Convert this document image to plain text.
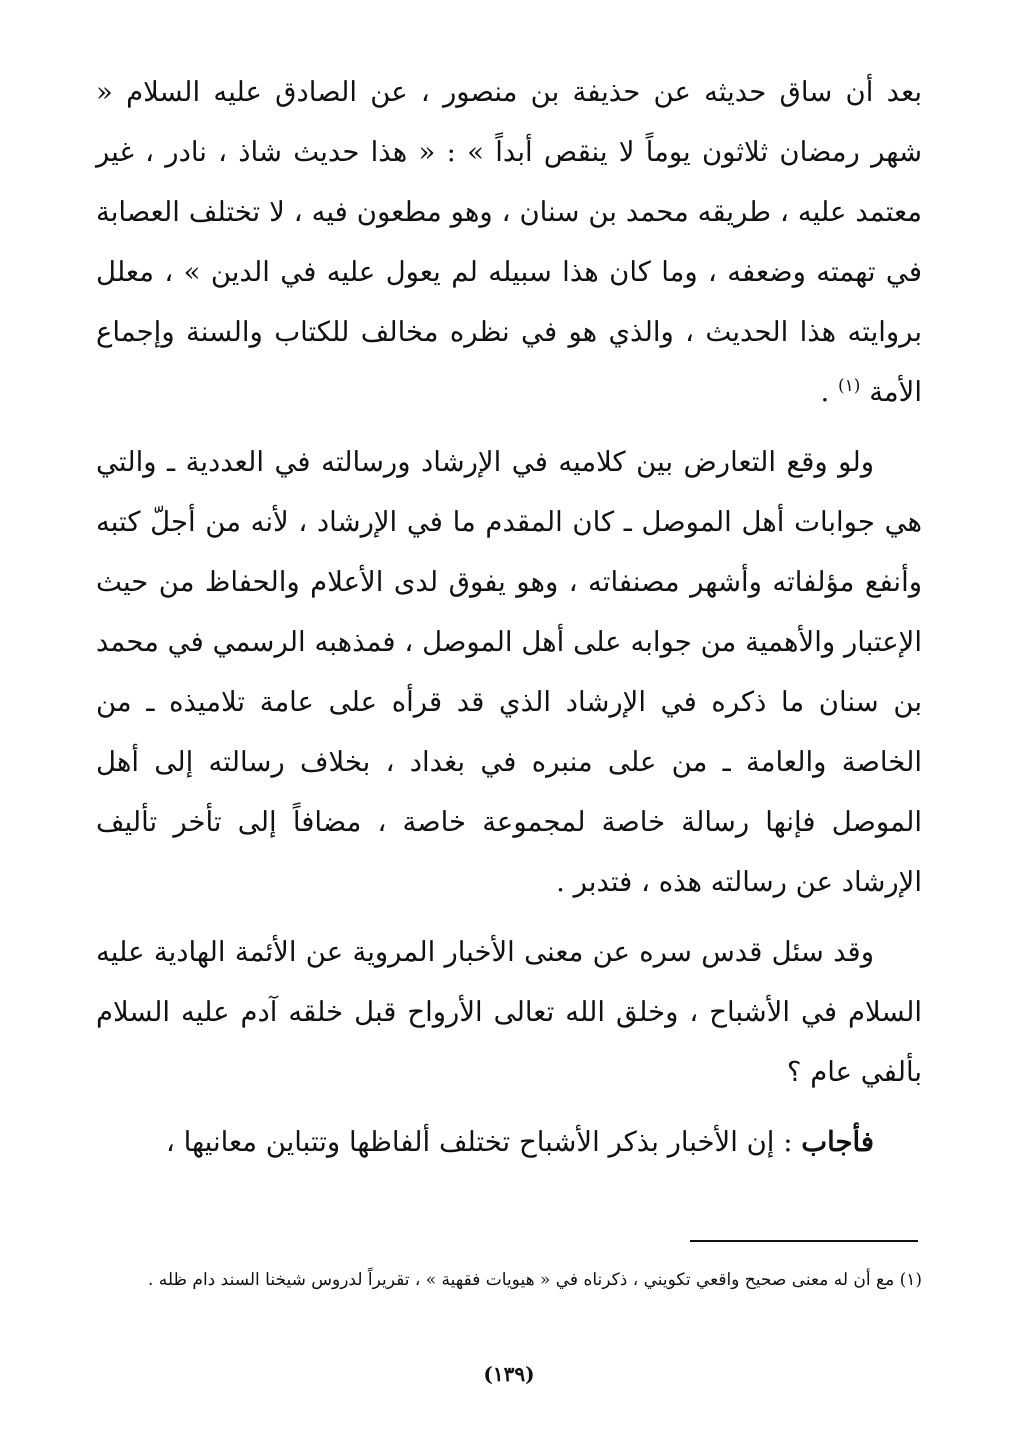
بعد أن ساق حديثه عن حذيفة بن منصور ، عن الصادق عليه السلام « شهر رمضان ثلاثون يوماً لا ينقص أبداً » : « هذا حديث شاذ ، نادر ، غير معتمد عليه ، طريقه محمد بن سنان ، وهو مطعون فيه ، لا تختلف العصابة في تهمته وضعفه ، وما كان هذا سبيله لم يعول عليه في الدين » ، معلل بروايته هذا الحديث ، والذي هو في نظره مخالف للكتاب والسنة وإجماع الأمة $^{(١)}$ .

ولو وقع التعارض بين كلاميه في الإرشاد ورسالته في العددية ـ والتي هي جوابات أهل الموصل ـ كان المقدم ما في الإرشاد ، لأنه من أجلّ كتبه وأنفع مؤلفاته وأشهر مصنفاته ، وهو يفوق لدى الأعلام والحفاظ من حيث الإعتبار والأهمية من جوابه على أهل الموصل ، فمذهبه الرسمي في محمد بن سنان ما ذكره في الإرشاد الذي قد قرأه على عامة تلاميذه ـ من الخاصة والعامة ـ من على منبره في بغداد ، بخلاف رسالته إلى أهل الموصل فإنها رسالة خاصة لمجموعة خاصة ، مضافاً إلى تأخر تأليف الإرشاد عن رسالته هذه ، فتدبر .

وقد سئل قدس سره عن معنى الأخبار المروية عن الأئمة الهادية عليه السلام في الأشباح ، وخلق الله تعالى الأرواح قبل خلقه آدم عليه السلام بألفي عام ؟

فأجاب : إن الأخبار بذكر الأشباح تختلف ألفاظها وتتباين معانيها ،

(١) مع أن له معنى صحيح واقعي تكويني ، ذكرناه في « هيويات فقهية » ، تقريراً لدروس شيخنا السند دام ظله .
(١٣٩)
